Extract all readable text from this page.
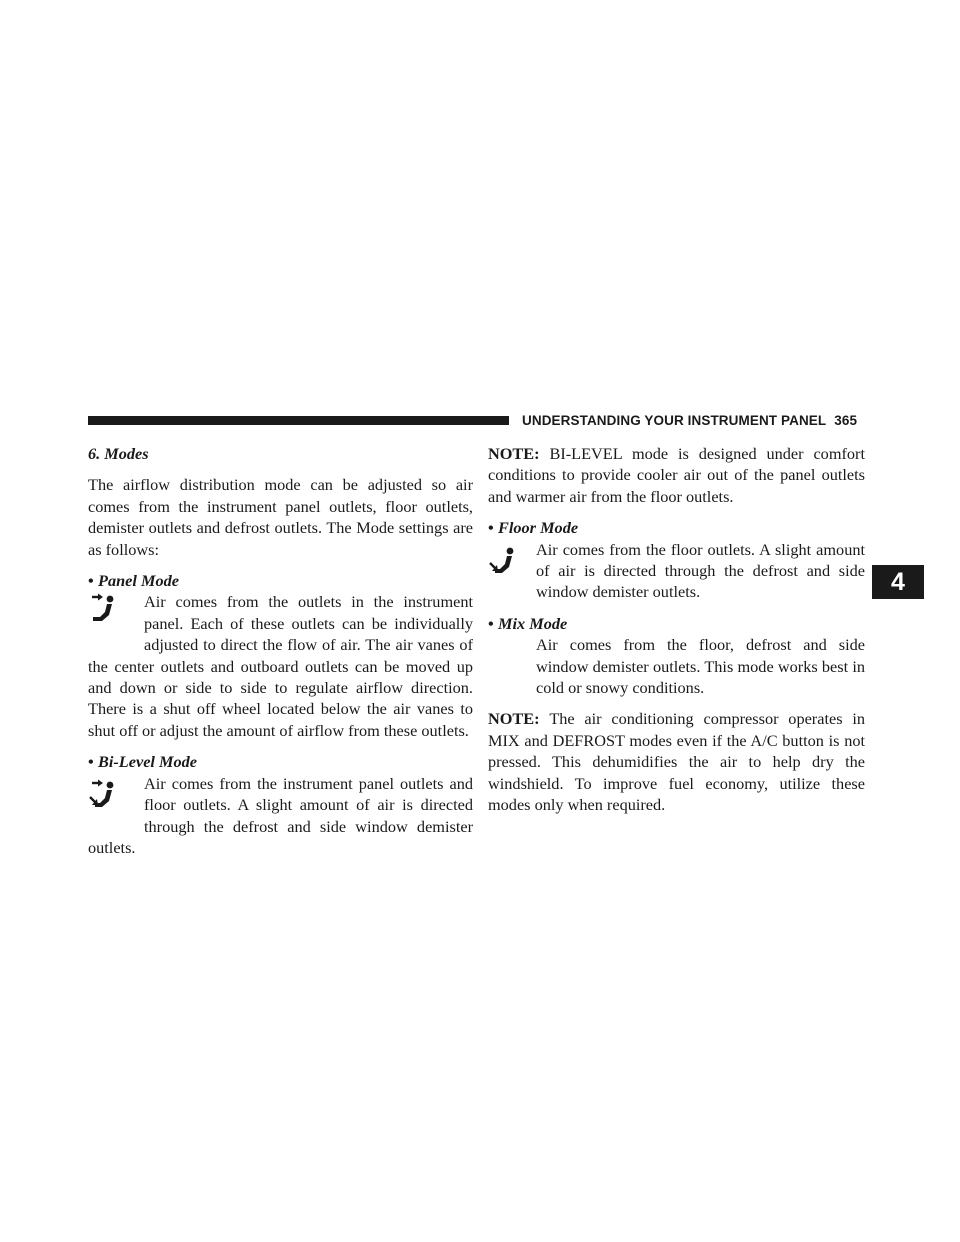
UNDERSTANDING YOUR INSTRUMENT PANEL 365
4
6. Modes

The airflow distribution mode can be adjusted so air comes from the instrument panel outlets, floor outlets, demister outlets and defrost outlets. The Mode settings are as follows:

• Panel Mode
Air comes from the outlets in the instrument panel. Each of these outlets can be individually adjusted to direct the flow of air. The air vanes of the center outlets and outboard outlets can be moved up and down or side to side to regulate airflow direction. There is a shut off wheel located below the air vanes to shut off or adjust the amount of airflow from these outlets.
• Bi-Level Mode
Air comes from the instrument panel outlets and floor outlets. A slight amount of air is directed through the defrost and side window demister outlets.

NOTE: BI-LEVEL mode is designed under comfort conditions to provide cooler air out of the panel outlets and warmer air from the floor outlets.

• Floor Mode
Air comes from the floor outlets. A slight amount of air is directed through the defrost and side window demister outlets.
• Mix Mode
Air comes from the floor, defrost and side window demister outlets. This mode works best in cold or snowy conditions.

NOTE: The air conditioning compressor operates in MIX and DEFROST modes even if the A/C button is not pressed. This dehumidifies the air to help dry the windshield. To improve fuel economy, utilize these modes only when required.
